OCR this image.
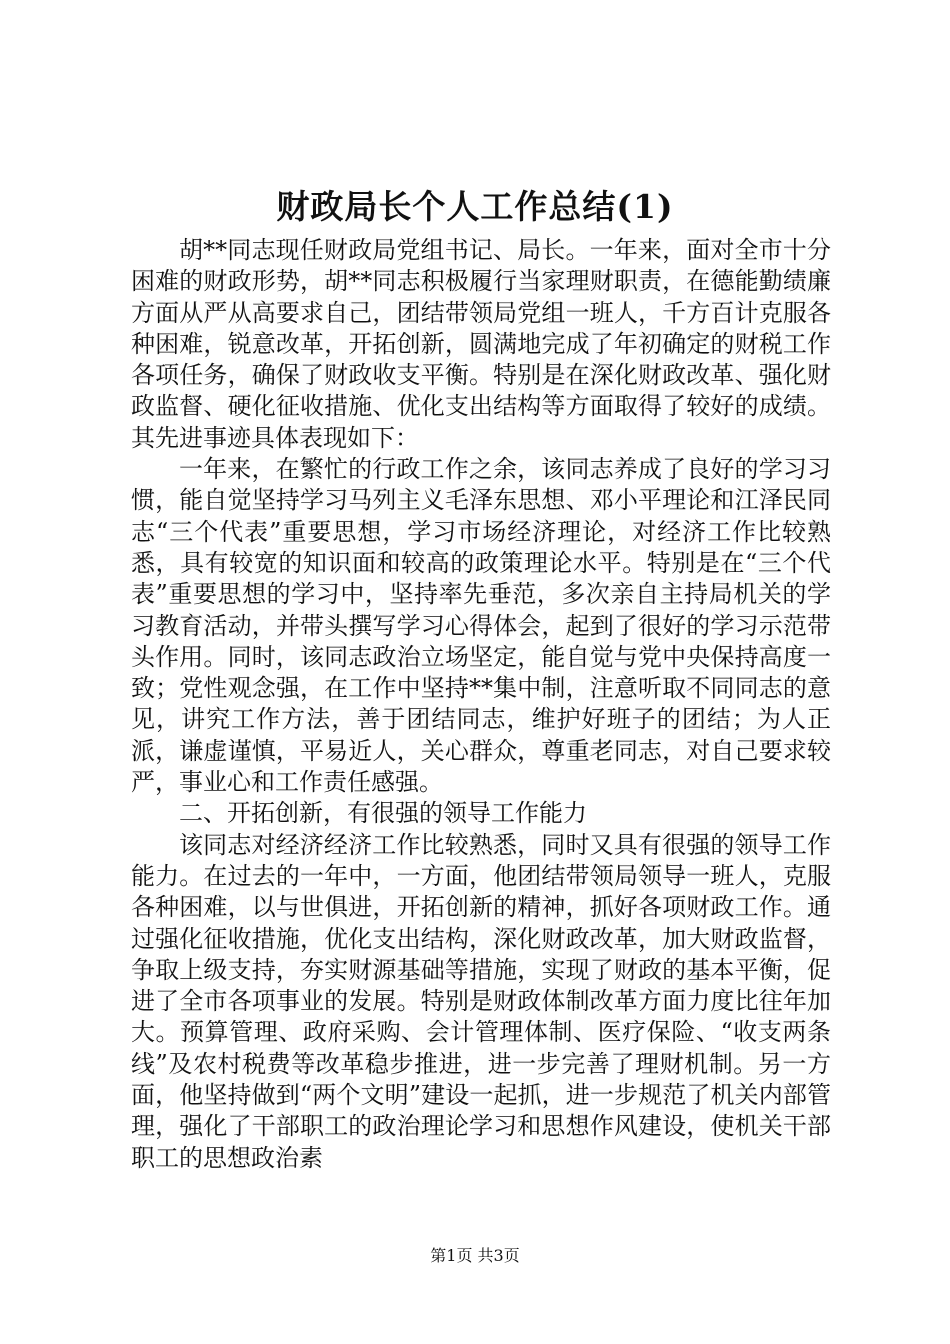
财政局长个人工作总结(1)

胡**同志现任财政局党组书记、局长。一年来，面对全市十分困难的财政形势，胡**同志积极履行当家理财职责，在德能勤绩廉方面从严从高要求自己，团结带领局党组一班人，千方百计克服各种困难，锐意改革，开拓创新，圆满地完成了年初确定的财税工作各项任务，确保了财政收支平衡。特别是在深化财政改革、强化财政监督、硬化征收措施、优化支出结构等方面取得了较好的成绩。其先进事迹具体表现如下：

一年来，在繁忙的行政工作之余，该同志养成了良好的学习习惯，能自觉坚持学习马列主义毛泽东思想、邓小平理论和江泽民同志“三个代表”重要思想，学习市场经济理论，对经济工作比较熟悉，具有较宽的知识面和较高的政策理论水平。特别是在“三个代表”重要思想的学习中，坚持率先垂范，多次亲自主持局机关的学习教育活动，并带头撰写学习心得体会，起到了很好的学习示范带头作用。同时，该同志政治立场坚定，能自觉与党中央保持高度一致；党性观念强，在工作中坚持**集中制，注意听取不同同志的意见，讲究工作方法，善于团结同志，维护好班子的团结；为人正派，谦虚谨慎，平易近人，关心群众，尊重老同志，对自己要求较严，事业心和工作责任感强。

二、开拓创新，有很强的领导工作能力

该同志对经济经济工作比较熟悉，同时又具有很强的领导工作能力。在过去的一年中，一方面，他团结带领局领导一班人，克服各种困难，以与世俱进，开拓创新的精神，抓好各项财政工作。通过强化征收措施，优化支出结构，深化财政改革，加大财政监督，争取上级支持，夯实财源基础等措施，实现了财政的基本平衡，促进了全市各项事业的发展。特别是财政体制改革方面力度比往年加大。预算管理、政府采购、会计管理体制、医疗保险、“收支两条线”及农村税费等改革稳步推进，进一步完善了理财机制。另一方面，他坚持做到“两个文明”建设一起抓，进一步规范了机关内部管理，强化了干部职工的政治理论学习和思想作风建设，使机关干部职工的思想政治素

第1页 共3页
